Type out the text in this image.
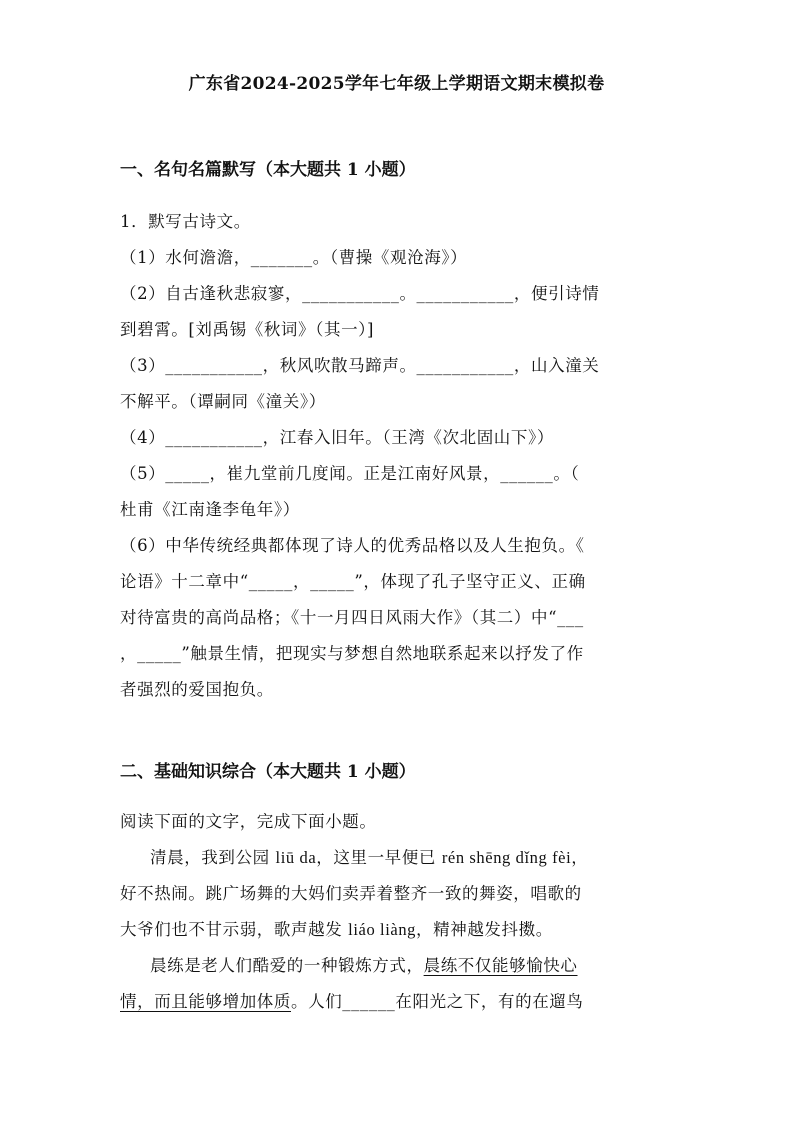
广东省2024-2025学年七年级上学期语文期末模拟卷
一、名句名篇默写（本大题共 1 小题）
1．默写古诗文。
（1）水何澹澹，_______。（曹操《观沧海》）
（2）自古逢秋悲寂寥，___________。___________，便引诗情
到碧霄。[刘禹锡《秋词》（其一）]
（3）___________，秋风吹散马蹄声。___________，山入潼关
不解平。（谭嗣同《潼关》）
（4）___________，江春入旧年。（王湾《次北固山下》）
（5）_____，崔九堂前几度闻。正是江南好风景，______。（
杜甫《江南逢李龟年》）
（6）中华传统经典都体现了诗人的优秀品格以及人生抱负。《
论语》十二章中“_____，_____”，体现了孔子坚守正义、正确
对待富贵的高尚品格；《十一月四日风雨大作》（其二）中“___
，_____”触景生情，把现实与梦想自然地联系起来以抒发了作
者强烈的爱国抱负。
二、基础知识综合（本大题共 1 小题）
阅读下面的文字，完成下面小题。
清晨，我到公园 liū da，这里一早便已 rén shēng dǐng fèi，
好不热闹。跳广场舞的大妈们卖弄着整齐一致的舞姿，唱歌的
大爷们也不甘示弱，歌声越发 liáo liàng，精神越发抖擞。
晨练是老人们酷爱的一种锻炼方式，晨练不仅能够愉快心
情，而且能够增加体质。人们______在阳光之下，有的在遛鸟
